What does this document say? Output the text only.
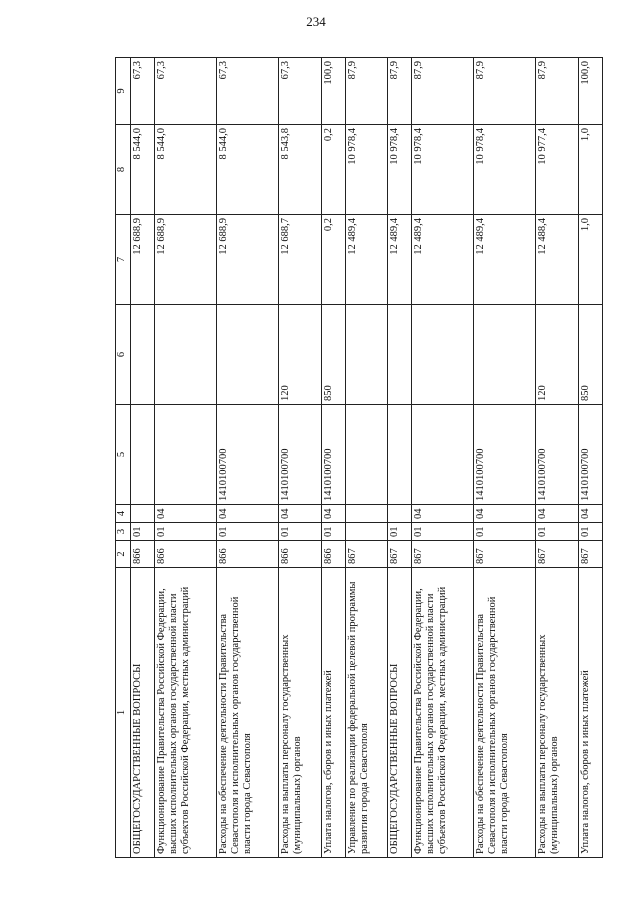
234
1	2	3	4	5	6	7	8	9
ОБЩЕГОСУДАРСТВЕННЫЕ ВОПРОСЫ	866	01				12 688,9	8 544,0	67,3
Функционирование Правительства Российской Федерации, высших исполнительных органов государственной власти субъектов Российской Федерации, местных администраций	866	01	04			12 688,9	8 544,0	67,3
Расходы на обеспечение деятельности Правительства Севастополя и исполнительных органов государственной власти города Севастополя	866	01	04	1410100700		12 688,9	8 544,0	67,3
Расходы на выплаты персоналу государственных (муниципальных) органов	866	01	04	1410100700	120	12 688,7	8 543,8	67,3
Уплата налогов, сборов и иных платежей	866	01	04	1410100700	850	0,2	0,2	100,0
Управление по реализации федеральной целевой программы развития города Севастополя	867					12 489,4	10 978,4	87,9
ОБЩЕГОСУДАРСТВЕННЫЕ ВОПРОСЫ	867	01				12 489,4	10 978,4	87,9
Функционирование Правительства Российской Федерации, высших исполнительных органов государственной власти субъектов Российской Федерации, местных администраций	867	01	04			12 489,4	10 978,4	87,9
Расходы на обеспечение деятельности Правительства Севастополя и исполнительных органов государственной власти города Севастополя	867	01	04	1410100700		12 489,4	10 978,4	87,9
Расходы на выплаты персоналу государственных (муниципальных) органов	867	01	04	1410100700	120	12 488,4	10 977,4	87,9
Уплата налогов, сборов и иных платежей	867	01	04	1410100700	850	1,0	1,0	100,0
